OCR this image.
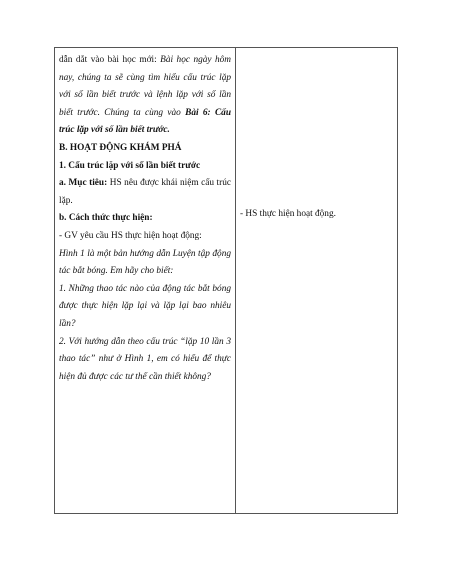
dẫn dắt vào bài học mới: Bài học ngày hôm nay, chúng ta sẽ cùng tìm hiểu cấu trúc lặp với số lần biết trước và lệnh lặp với số lần biết trước. Chúng ta cùng vào Bài 6: Cấu trúc lặp với số lần biết trước.

B. HOẠT ĐỘNG KHÁM PHÁ

1. Cấu trúc lặp với số lần biết trước

a. Mục tiêu: HS nêu được khái niệm cấu trúc lặp.

b. Cách thức thực hiện:

- GV yêu cầu HS thực hiện hoạt động:

Hình 1 là một bản hướng dẫn Luyện tập động tác bắt bóng. Em hãy cho biết:

1. Những thao tác nào của động tác bắt bóng được thực hiện lặp lại và lặp lại bao nhiêu lần?

2. Với hướng dẫn theo cấu trúc “lặp 10 lần 3 thao tác” như ở Hình 1, em có hiểu để thực hiện đủ được các tư thế cần thiết không?

- HS thực hiện hoạt động.
